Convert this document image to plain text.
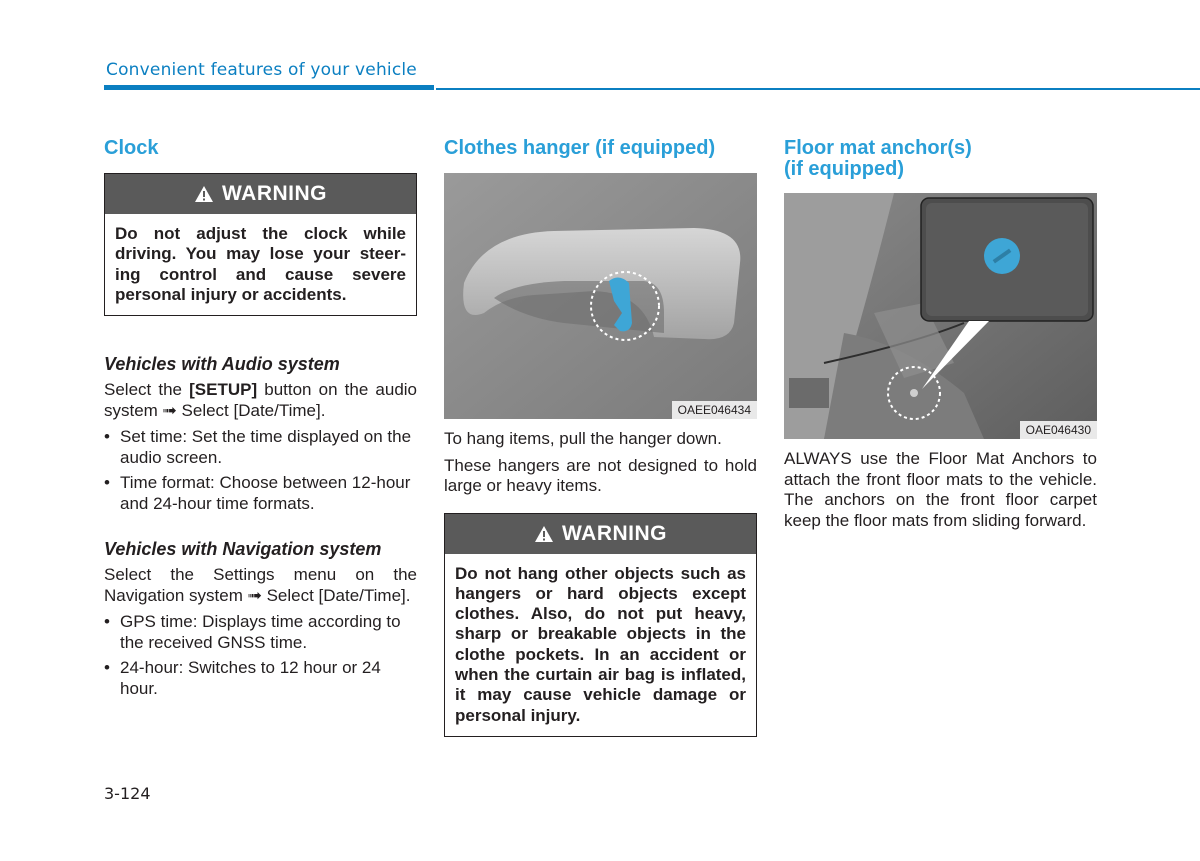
Convenient features of your vehicle
Clock
WARNING
Do not adjust the clock while driving. You may lose your steer-ing control and cause severe personal injury or accidents.
Vehicles with Audio system

Select the [SETUP] button on the audio system ➟ Select [Date/Time].

• Set time: Set the time displayed on the audio screen.
• Time format: Choose between 12-hour and 24-hour time formats.
Vehicles with Navigation system

Select the Settings menu on the Navigation system ➟ Select [Date/Time].

• GPS time: Displays time according to the received GNSS time.
• 24-hour: Switches to 12 hour or 24 hour.
Clothes hanger (if equipped)
OAEE046434

To hang items, pull the hanger down.

These hangers are not designed to hold large or heavy items.

WARNING
Do not hang other objects such as hangers or hard objects except clothes. Also, do not put heavy, sharp or breakable objects in the clothe pockets. In an accident or when the curtain air bag is inflated, it may cause vehicle damage or personal injury.
Floor mat anchor(s)
(if equipped)
OAE046430

ALWAYS use the Floor Mat Anchors to attach the front floor mats to the vehicle. The anchors on the front floor carpet keep the floor mats from sliding forward.

3-124
